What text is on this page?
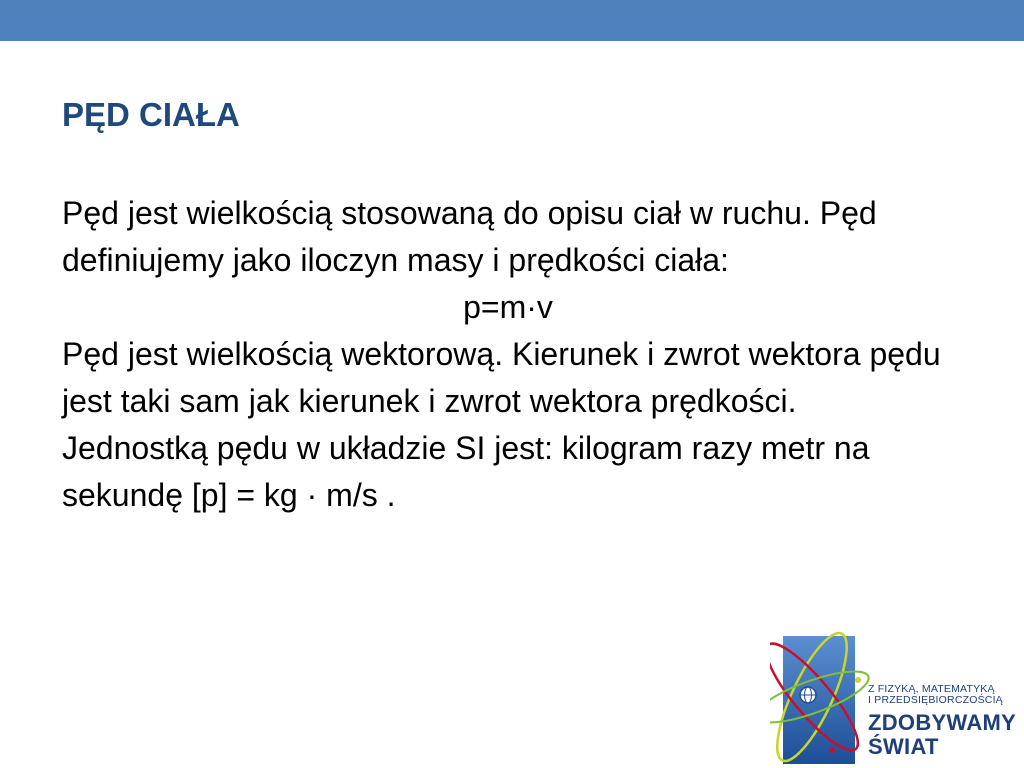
PĘD CIAŁA

Pęd jest wielkością stosowaną do opisu ciał w ruchu. Pęd definiujemy jako iloczyn masy i prędkości ciała:

p=m·v

Pęd jest wielkością wektorową. Kierunek i zwrot wektora pędu jest taki sam jak kierunek i zwrot wektora prędkości.

Jednostką pędu w układzie SI jest: kilogram razy metr na sekundę [p] = kg · m/s .

Z FIZYKĄ, MATEMATYKĄ
I PRZEDSIĘBIORCZOŚCIĄ
ZDOBYWAMY
ŚWIAT
